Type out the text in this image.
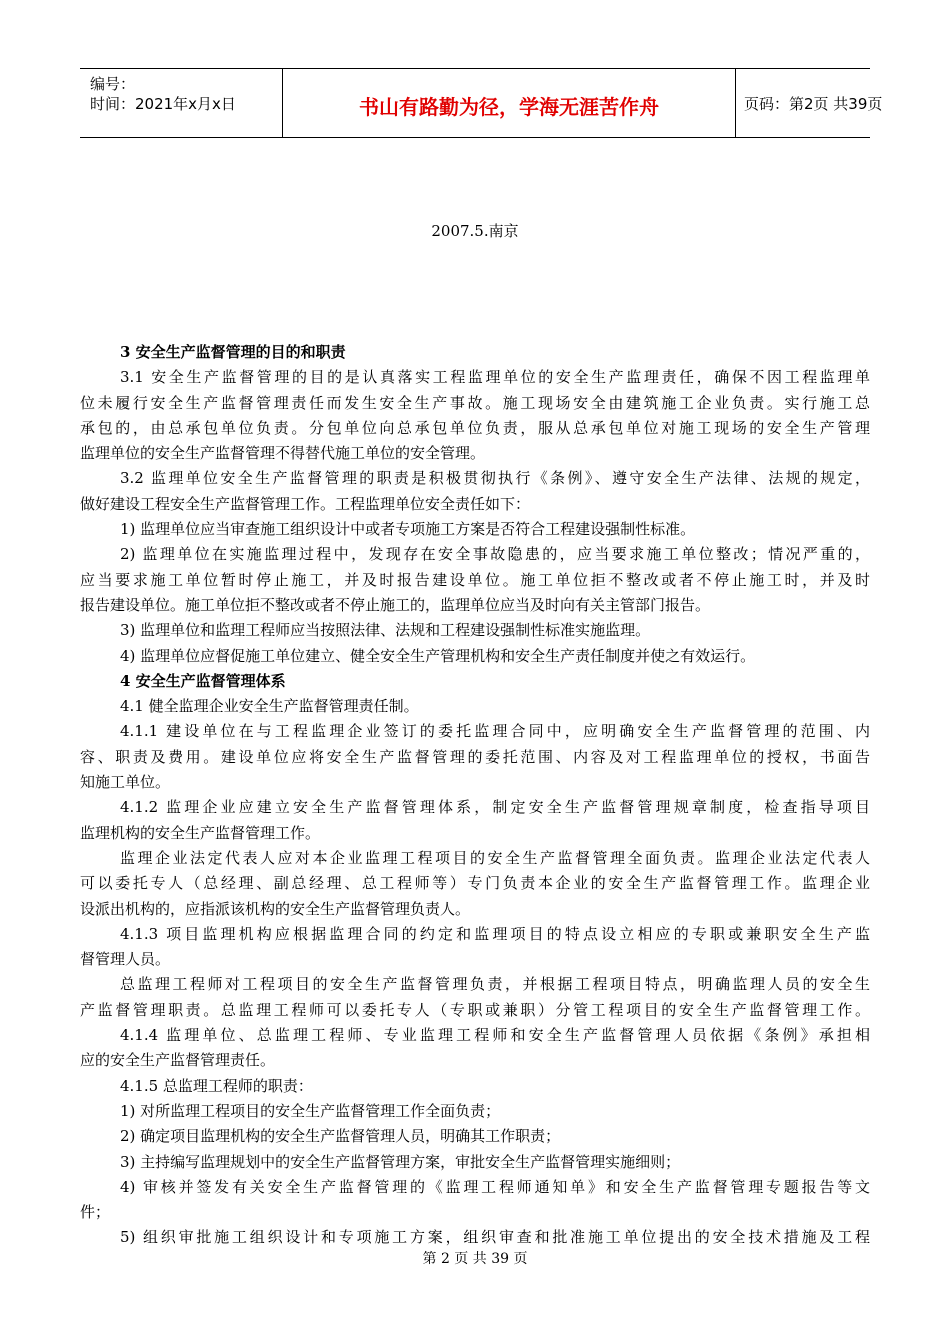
编号：
时间：2021年x月x日	书山有路勤为径，学海无涯苦作舟	页码：第2页 共39页
2007.5.南京

3 安全生产监督管理的目的和职责

3.1 安全生产监督管理的目的是认真落实工程监理单位的安全生产监理责任，确保不因工程监理单

位未履行安全生产监督管理责任而发生安全生产事故。施工现场安全由建筑施工企业负责。实行施工总

承包的，由总承包单位负责。分包单位向总承包单位负责，服从总承包单位对施工现场的安全生产管理

监理单位的安全生产监督管理不得替代施工单位的安全管理。

3.2 监理单位安全生产监督管理的职责是积极贯彻执行《条例》、遵守安全生产法律、法规的规定，

做好建设工程安全生产监督管理工作。工程监理单位安全责任如下：

1) 监理单位应当审查施工组织设计中或者专项施工方案是否符合工程建设强制性标准。

2) 监理单位在实施监理过程中，发现存在安全事故隐患的，应当要求施工单位整改；情况严重的，

应当要求施工单位暂时停止施工，并及时报告建设单位。施工单位拒不整改或者不停止施工时，并及时

报告建设单位。施工单位拒不整改或者不停止施工的，监理单位应当及时向有关主管部门报告。

3) 监理单位和监理工程师应当按照法律、法规和工程建设强制性标准实施监理。

4) 监理单位应督促施工单位建立、健全安全生产管理机构和安全生产责任制度并使之有效运行。

4 安全生产监督管理体系

4.1 健全监理企业安全生产监督管理责任制。

4.1.1 建设单位在与工程监理企业签订的委托监理合同中，应明确安全生产监督管理的范围、内

容、职责及费用。建设单位应将安全生产监督管理的委托范围、内容及对工程监理单位的授权，书面告

知施工单位。

4.1.2 监理企业应建立安全生产监督管理体系，制定安全生产监督管理规章制度，检查指导项目

监理机构的安全生产监督管理工作。

监理企业法定代表人应对本企业监理工程项目的安全生产监督管理全面负责。监理企业法定代表人

可以委托专人（总经理、副总经理、总工程师等）专门负责本企业的安全生产监督管理工作。监理企业

设派出机构的，应指派该机构的安全生产监督管理负责人。

4.1.3 项目监理机构应根据监理合同的约定和监理项目的特点设立相应的专职或兼职安全生产监

督管理人员。

总监理工程师对工程项目的安全生产监督管理负责，并根据工程项目特点，明确监理人员的安全生

产监督管理职责。总监理工程师可以委托专人（专职或兼职）分管工程项目的安全生产监督管理工作。

4.1.4 监理单位、总监理工程师、专业监理工程师和安全生产监督管理人员依据《条例》承担相

应的安全生产监督管理责任。

4.1.5 总监理工程师的职责：

1) 对所监理工程项目的安全生产监督管理工作全面负责；

2) 确定项目监理机构的安全生产监督管理人员，明确其工作职责；

3) 主持编写监理规划中的安全生产监督管理方案，审批安全生产监督管理实施细则；

4) 审核并签发有关安全生产监督管理的《监理工程师通知单》和安全生产监督管理专题报告等文

件；

5) 组织审批施工组织设计和专项施工方案，组织审查和批准施工单位提出的安全技术措施及工程

第 2 页 共 39 页
